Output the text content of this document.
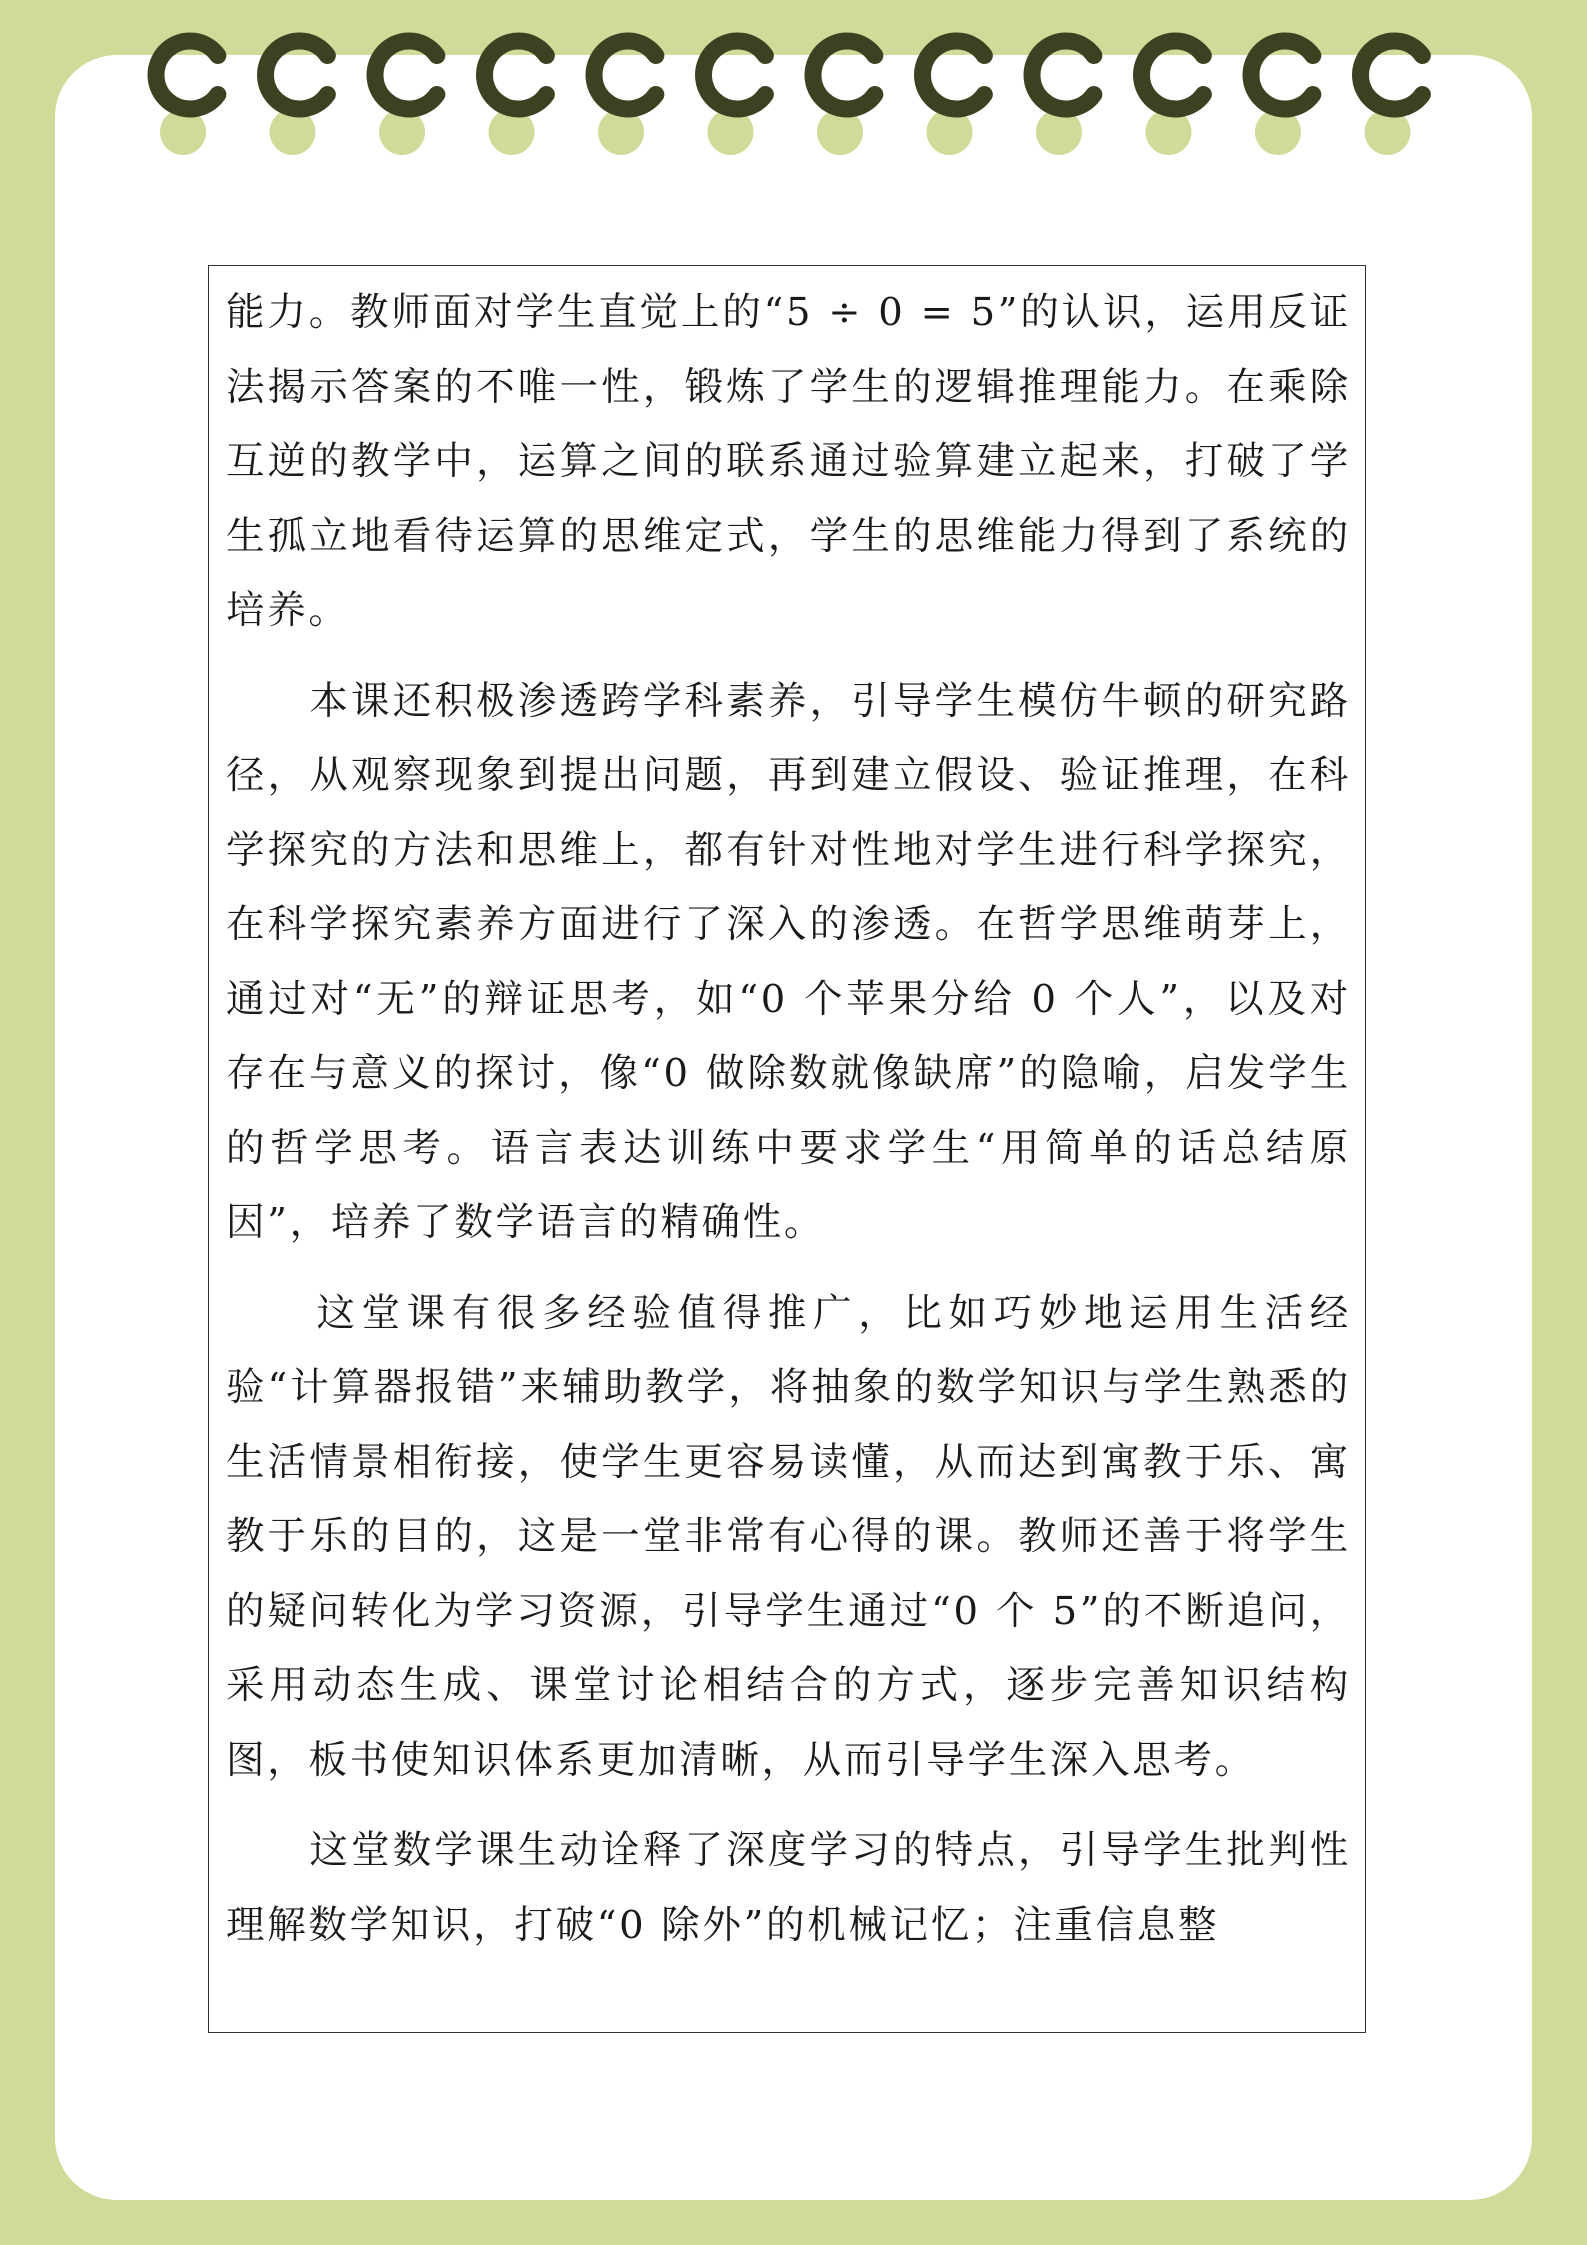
能力。教师面对学生直觉上的“5 ÷ 0 = 5”的认识，运用反证法揭示答案的不唯一性，锻炼了学生的逻辑推理能力。在乘除互逆的教学中，运算之间的联系通过验算建立起来，打破了学生孤立地看待运算的思维定式，学生的思维能力得到了系统的培养。

　　本课还积极渗透跨学科素养，引导学生模仿牛顿的研究路径，从观察现象到提出问题，再到建立假设、验证推理，在科学探究的方法和思维上，都有针对性地对学生进行科学探究，在科学探究素养方面进行了深入的渗透。在哲学思维萌芽上，通过对“无”的辩证思考，如“0 个苹果分给 0 个人”，以及对存在与意义的探讨，像“0 做除数就像缺席”的隐喻，启发学生的哲学思考。语言表达训练中要求学生“用简单的话总结原因”，培养了数学语言的精确性。

　　这堂课有很多经验值得推广，比如巧妙地运用生活经验“计算器报错”来辅助教学，将抽象的数学知识与学生熟悉的生活情景相衔接，使学生更容易读懂，从而达到寓教于乐、寓教于乐的目的，这是一堂非常有心得的课。教师还善于将学生的疑问转化为学习资源，引导学生通过“0 个 5”的不断追问，采用动态生成、课堂讨论相结合的方式，逐步完善知识结构图，板书使知识体系更加清晰，从而引导学生深入思考。

　　这堂数学课生动诠释了深度学习的特点，引导学生批判性理解数学知识，打破“0 除外”的机械记忆；注重信息整
